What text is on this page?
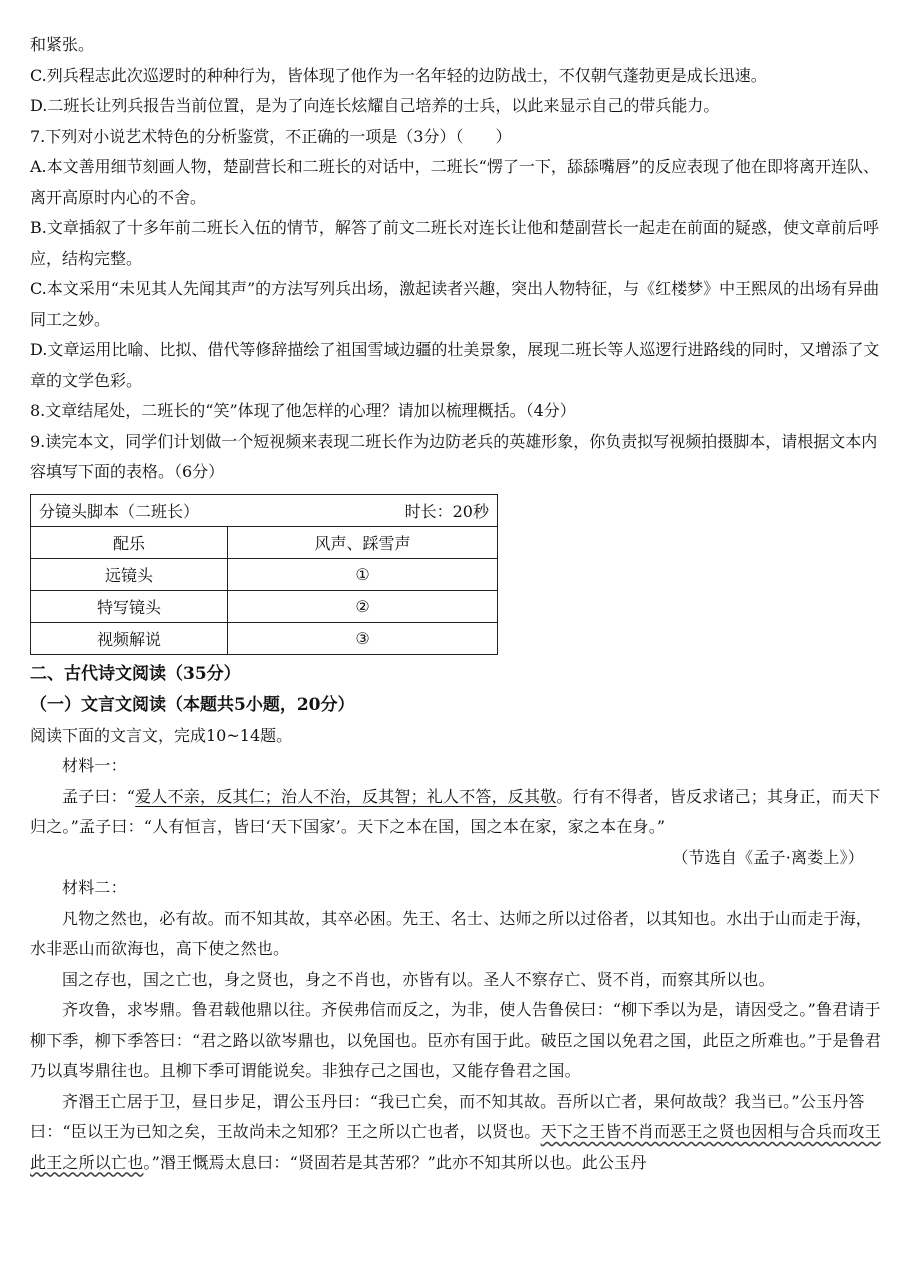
和紧张。

C.列兵程志此次巡逻时的种种行为，皆体现了他作为一名年轻的边防战士，不仅朝气蓬勃更是成长迅速。

D.二班长让列兵报告当前位置，是为了向连长炫耀自己培养的士兵，以此来显示自己的带兵能力。

7.下列对小说艺术特色的分析鉴赏，不正确的一项是（3分）（　　）

A.本文善用细节刻画人物，楚副营长和二班长的对话中，二班长“愣了一下，舔舔嘴唇”的反应表现了他在即将离开连队、离开高原时内心的不舍。

B.文章插叙了十多年前二班长入伍的情节，解答了前文二班长对连长让他和楚副营长一起走在前面的疑惑，使文章前后呼应，结构完整。

C.本文采用“未见其人先闻其声”的方法写列兵出场，激起读者兴趣，突出人物特征，与《红楼梦》中王熙凤的出场有异曲同工之妙。

D.文章运用比喻、比拟、借代等修辞描绘了祖国雪域边疆的壮美景象，展现二班长等人巡逻行进路线的同时，又增添了文章的文学色彩。

8.文章结尾处，二班长的“笑”体现了他怎样的心理？请加以梳理概括。（4分）

9.读完本文，同学们计划做一个短视频来表现二班长作为边防老兵的英雄形象，你负责拟写视频拍摄脚本，请根据文本内容填写下面的表格。（6分）

分镜头脚本（二班长） 时长：20秒	

配乐	风声、踩雪声
远镜头	①
特写镜头	②
视频解说	③

二、古代诗文阅读（35分）

（一）文言文阅读（本题共5小题，20分）

阅读下面的文言文，完成10~14题。

材料一：

孟子曰：“爱人不亲，反其仁；治人不治，反其智；礼人不答，反其敬。行有不得者，皆反求诸己；其身正，而天下归之。”孟子曰：“人有恒言，皆曰‘天下国家’。天下之本在国，国之本在家，家之本在身。”

（节选自《孟子·离娄上》）

材料二：

凡物之然也，必有故。而不知其故，其卒必困。先王、名士、达师之所以过俗者，以其知也。水出于山而走于海，水非恶山而欲海也，高下使之然也。

国之存也，国之亡也，身之贤也，身之不肖也，亦皆有以。圣人不察存亡、贤不肖，而察其所以也。

齐攻鲁，求岑鼎。鲁君载他鼎以往。齐侯弗信而反之，为非，使人告鲁侯曰：“柳下季以为是，请因受之。”鲁君请于柳下季，柳下季答曰：“君之路以欲岑鼎也，以免国也。臣亦有国于此。破臣之国以免君之国，此臣之所难也。”于是鲁君乃以真岑鼎往也。且柳下季可谓能说矣。非独存己之国也，又能存鲁君之国。

齐湣王亡居于卫，昼日步足，谓公玉丹曰：“我已亡矣，而不知其故。吾所以亡者，果何故哉？我当已。”公玉丹答曰：“臣以王为已知之矣，王故尚未之知邪？王之所以亡也者，以贤也。天下之王皆不肖而恶王之贤也因相与合兵而攻王此王之所以亡也。”湣王慨焉太息曰：“贤固若是其苦邪？”此亦不知其所以也。此公玉丹
